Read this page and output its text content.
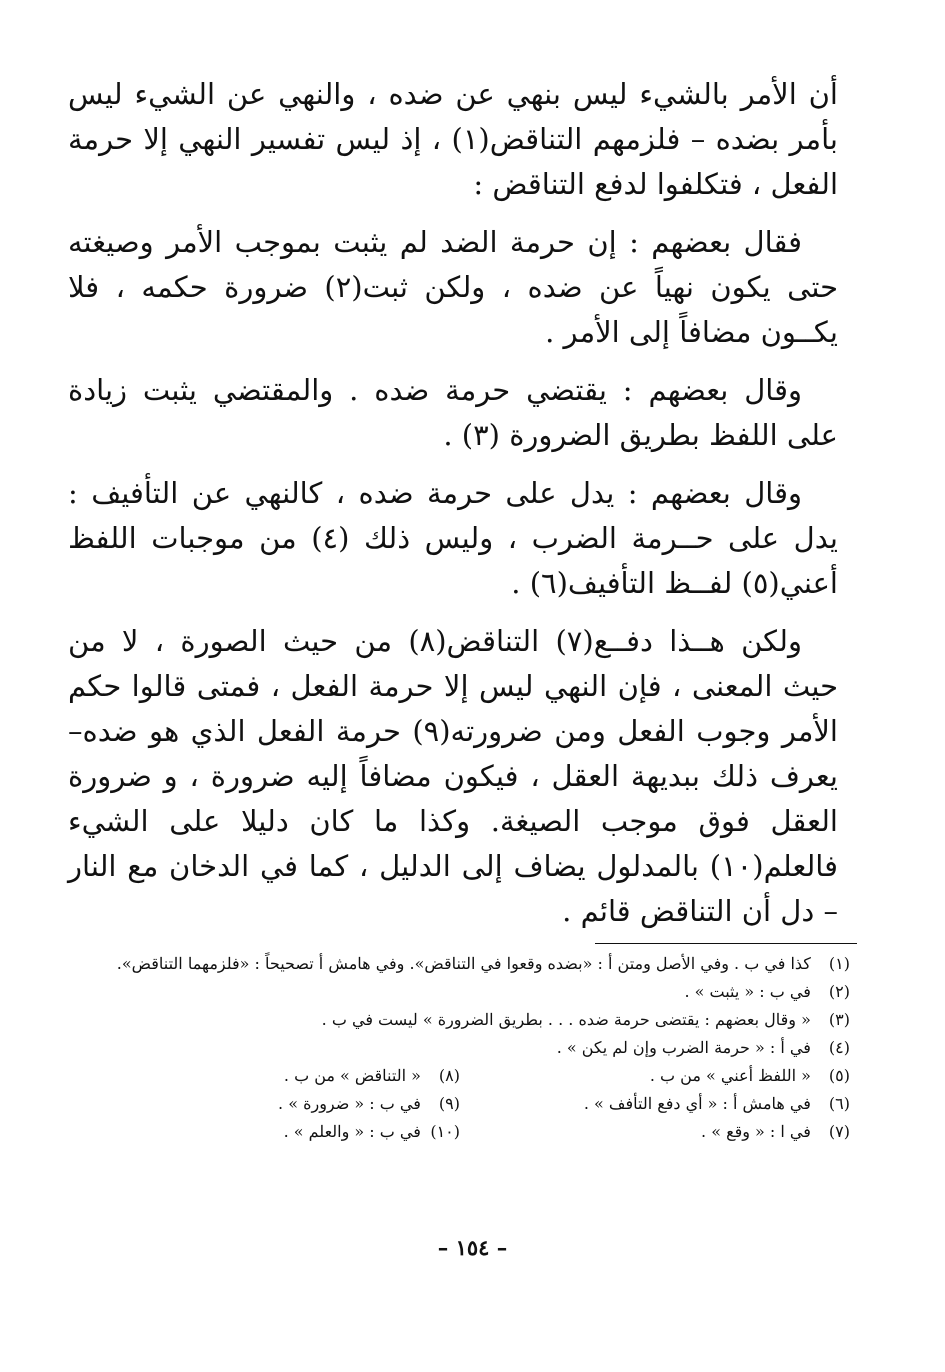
أن الأمر بالشيء ليس بنهي عن ضده ، والنهي عن الشيء ليس بأمر بضده – فلزمهم التناقض(١) ، إذ ليس تفسير النهي إلا حرمة الفعل ، فتكلفوا لدفع التناقض :

فقال بعضهم : إن حرمة الضد لم يثبت بموجب الأمر وصيغته حتى يكون نهياً عن ضده ، ولكن ثبت(٢) ضرورة حكمه ، فلا يكــون مضافاً إلى الأمر .

وقال بعضهم : يقتضي حرمة ضده . والمقتضي يثبت زيادة على اللفظ بطريق الضرورة (٣) .

وقال بعضهم : يدل على حرمة ضده ، كالنهي عن التأفيف : يدل على حــرمة الضرب ، وليس ذلك (٤) من موجبات اللفظ أعني(٥) لفــظ التأفيف(٦) .

ولكن هــذا دفــع(٧) التناقض(٨) من حيث الصورة ، لا من حيث المعنى ، فإن النهي ليس إلا حرمة الفعل ، فمتى قالوا حكم الأمر وجوب الفعل ومن ضرورته(٩) حرمة الفعل الذي هو ضده–يعرف ذلك ببديهة العقل ، فيكون مضافاً إليه ضرورة ، و ضرورة العقل فوق موجب الصيغة. وكذا ما كان دليلا على الشيء فالعلم(١٠) بالمدلول يضاف إلى الدليل ، كما في الدخان مع النار – دل أن التناقض قائم .

(١) كذا في ب . وفي الأصل ومتن أ : «بضده وقعوا في التناقض». وفي هامش أ تصحيحاً : «فلزمهما التناقض».
(٢) في ب : « يثبت » .
(٣) « وقال بعضهم : يقتضى حرمة ضده . . . بطريق الضرورة » ليست في ب .
(٤) في أ : « حرمة الضرب وإن لم يكن » .
(٥) « اللفظ أعني » من ب .
(٨) « التناقض » من ب .
(٦) في هامش أ : « أي دفع التأفف » .
(٩) في ب : « ضرورة » .
(٧) في ا : « وقع » .
(١٠) في ب : « والعلم » .
– ١٥٤ –
